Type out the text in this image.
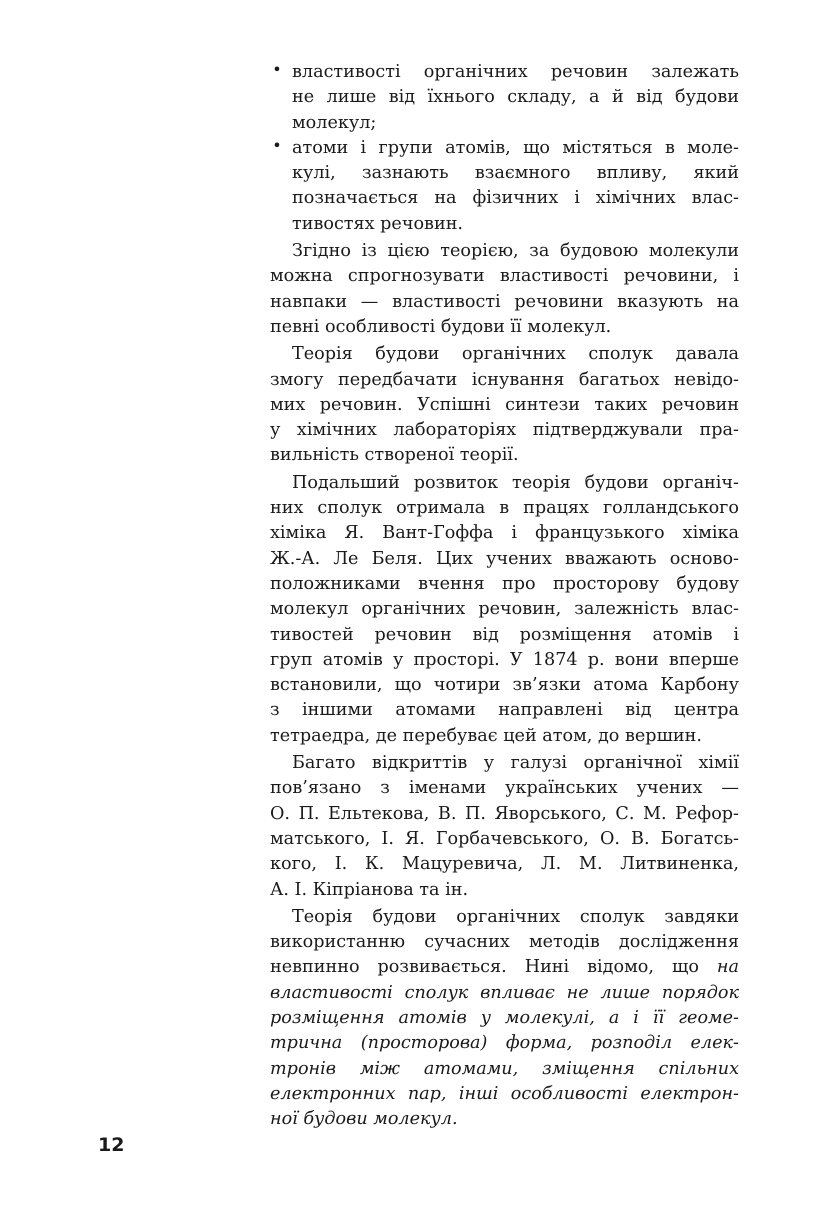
• властивості органічних речовин залежать
не лише від їхнього складу, а й від будови
молекул;
• атоми і групи атомів, що містяться в моле-
кулі, зазнають взаємного впливу, який
позначається на фізичних і хімічних влас-
тивостях речовин.
Згідно із цією теорією, за будовою молекули
можна спрогнозувати властивості речовини, і
навпаки — властивості речовини вказують на
певні особливості будови її молекул.
Теорія будови органічних сполук давала
змогу передбачати існування багатьох невідо-
мих речовин. Успішні синтези таких речовин
у хімічних лабораторіях підтверджували пра-
вильність створеної теорії.
Подальший розвиток теорія будови органіч-
них сполук отримала в працях голландського
хіміка Я. Вант-Гоффа і французького хіміка
Ж.-А. Ле Беля. Цих учених вважають осново-
положниками вчення про просторову будову
молекул органічних речовин, залежність влас-
тивостей речовин від розміщення атомів і
груп атомів у просторі. У 1874 р. вони вперше
встановили, що чотири зв’язки атома Карбону
з іншими атомами направлені від центра
тетраедра, де перебуває цей атом, до вершин.
Багато відкриттів у галузі органічної хімії
пов’язано з іменами українських учених —
О. П. Ельтекова, В. П. Яворського, С. М. Рефор-
матського, І. Я. Горбачевського, О. В. Богатсь-
кого, І. К. Мацуревича, Л. М. Литвиненка,
А. І. Кіпріанова та ін.
Теорія будови органічних сполук завдяки
використанню сучасних методів дослідження
невпинно розвивається. Нині відомо, що на
властивості сполук впливає не лише порядок
розміщення атомів у молекулі, а і її геоме-
трична (просторова) форма, розподіл елек-
тронів між атомами, зміщення спільних
електронних пар, інші особливості електрон-
ної будови молекул.
12
